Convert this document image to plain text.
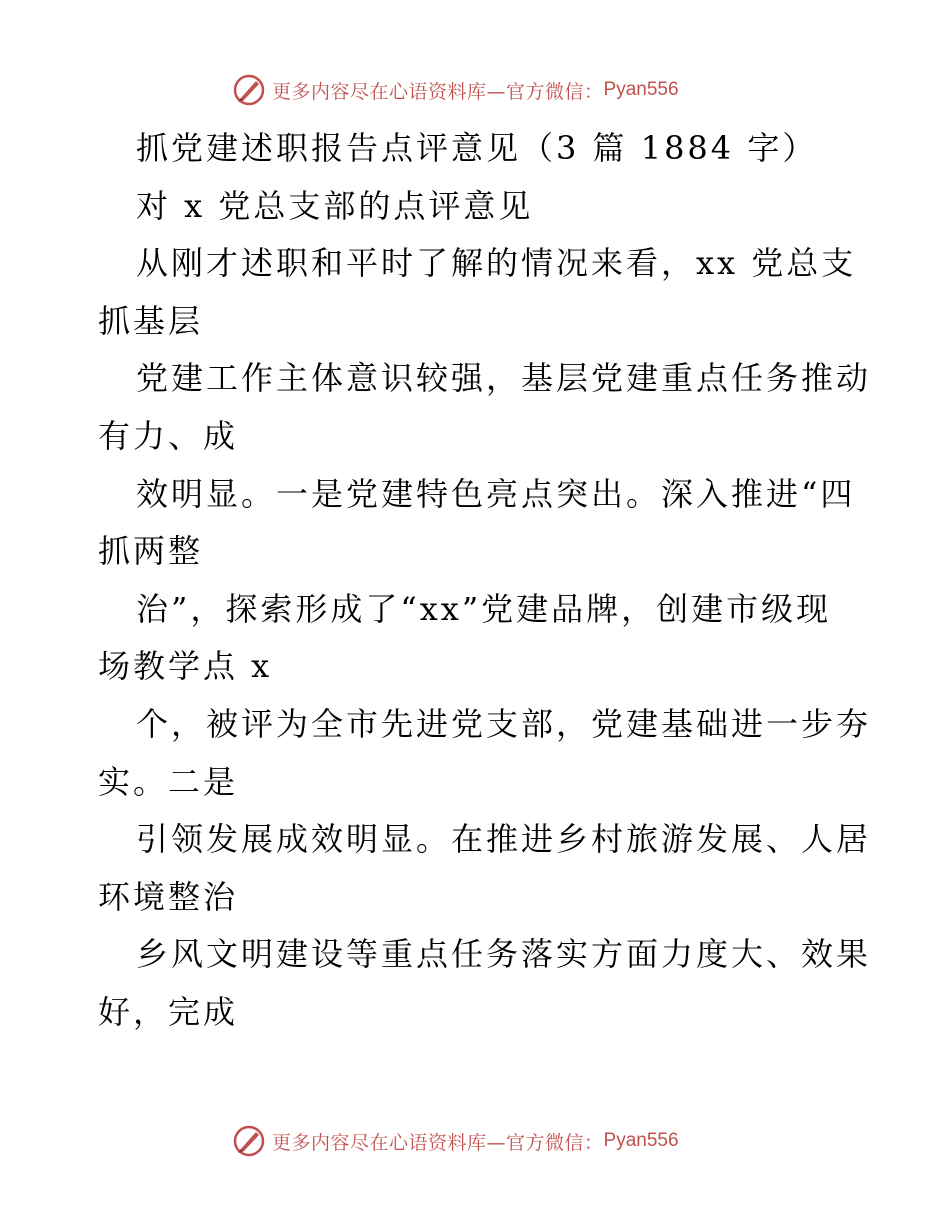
更多内容尽在心语资料库—官方微信： Pyan556
抓党建述职报告点评意见（3 篇 1884 字）
对 x 党总支部的点评意见
从刚才述职和平时了解的情况来看，xx 党总支
抓基层
党建工作主体意识较强，基层党建重点任务推动
有力、成
效明显。一是党建特色亮点突出。深入推进“四
抓两整
治”，探索形成了“xx”党建品牌，创建市级现
场教学点 x
个，被评为全市先进党支部，党建基础进一步夯
实。二是
引领发展成效明显。在推进乡村旅游发展、人居
环境整治
乡风文明建设等重点任务落实方面力度大、效果
好，完成
更多内容尽在心语资料库—官方微信： Pyan556
